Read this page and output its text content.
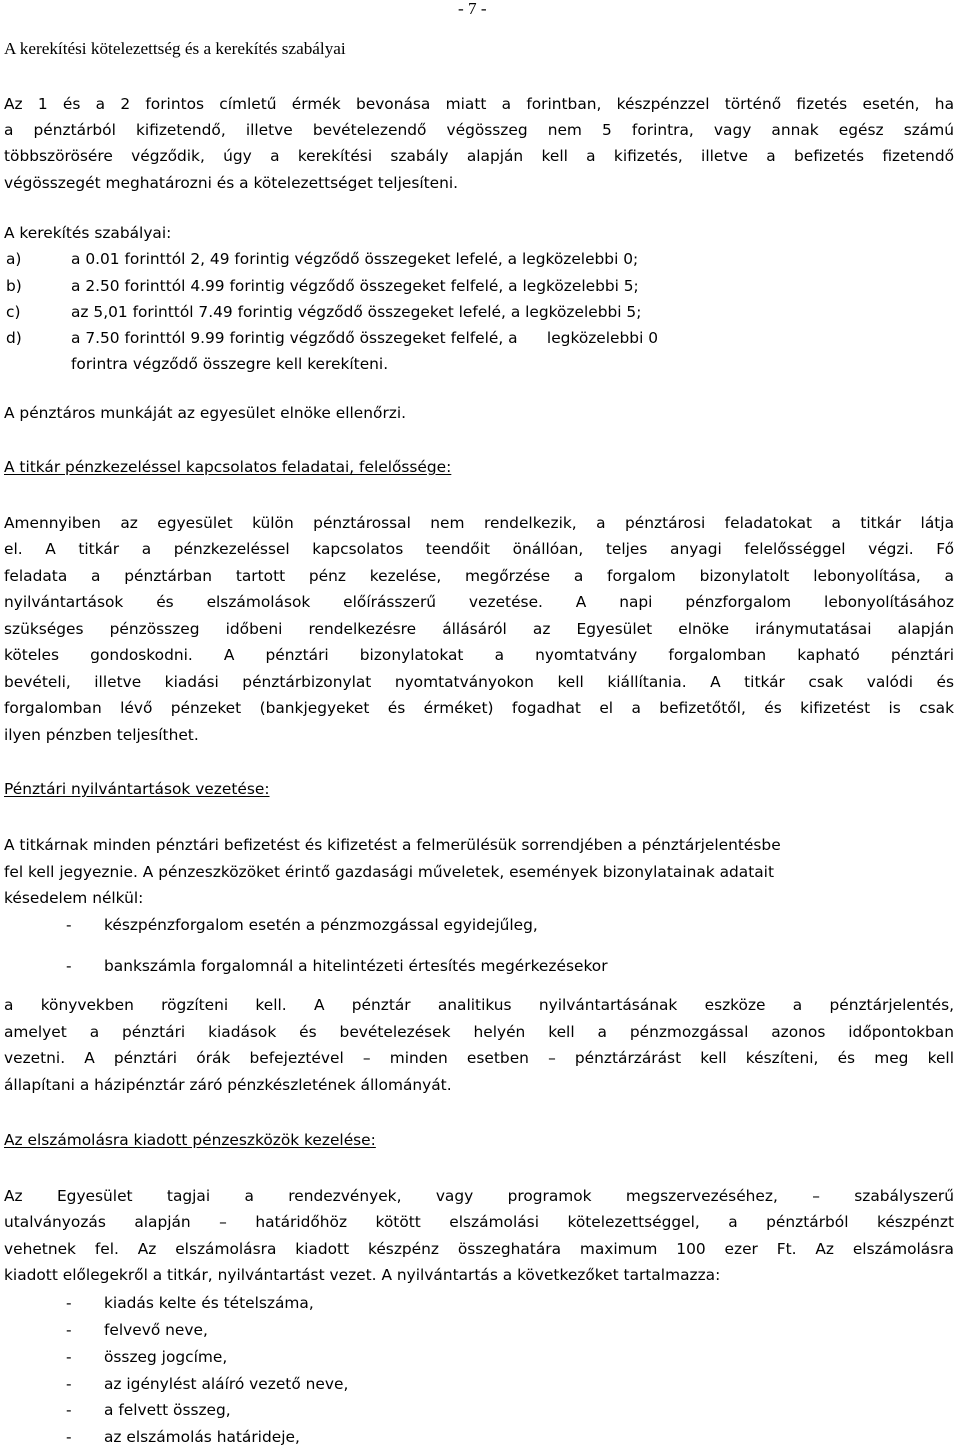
- 7 -
A kerekítési kötelezettség és a kerekítés szabályai
Az 1 és a 2 forintos címletű érmék bevonása miatt a forintban, készpénzzel történő fizetés esetén, ha
a pénztárból kifizetendő, illetve bevételezendő végösszeg nem 5 forintra, vagy annak egész számú
többszörösére végződik, úgy a kerekítési szabály alapján kell a kifizetés, illetve a befizetés fizetendő
végösszegét meghatározni és a kötelezettséget teljesíteni.
A kerekítés szabályai:
a)	a 0.01 forinttól 2, 49 forintig végződő összegeket lefelé, a legközelebbi 0;
b)	a 2.50 forinttól 4.99 forintig végződő összegeket felfelé, a legközelebbi 5;
c)	az 5,01 forinttól 7.49 forintig végződő összegeket lefelé, a legközelebbi 5;
d)	a 7.50 forinttól 9.99 forintig végződő összegeket felfelé, a      legközelebbi 0
forintra végződő összegre kell kerekíteni.
A pénztáros munkáját az egyesület elnöke ellenőrzi.
A titkár pénzkezeléssel kapcsolatos feladatai, felelőssége:
Amennyiben az egyesület külön pénztárossal nem rendelkezik, a pénztárosi feladatokat a titkár látja
el. A titkár a pénzkezeléssel kapcsolatos teendőit önállóan, teljes anyagi felelősséggel végzi. Fő
feladata a pénztárban tartott pénz kezelése, megőrzése a forgalom bizonylatolt lebonyolítása, a
nyilvántartások és elszámolások előírásszerű vezetése. A napi pénzforgalom lebonyolításához
szükséges pénzösszeg időbeni rendelkezésre állásáról az Egyesület elnöke iránymutatásai alapján
köteles gondoskodni. A pénztári bizonylatokat a nyomtatvány forgalomban kapható pénztári
bevételi, illetve kiadási pénztárbizonylat nyomtatványokon kell kiállítania. A titkár csak valódi és
forgalomban lévő pénzeket (bankjegyeket és érméket) fogadhat el a befizetőtől, és kifizetést is csak
ilyen pénzben teljesíthet.
Pénztári nyilvántartások vezetése:
A titkárnak minden pénztári befizetést és kifizetést a felmerülésük sorrendjében a pénztárjelentésbe
fel kell jegyeznie. A pénzeszközöket érintő gazdasági műveletek, események bizonylatainak adatait
késedelem nélkül:
- készpénzforgalom esetén a pénzmozgással egyidejűleg,
- bankszámla forgalomnál a hitelintézeti értesítés megérkezésekor
a könyvekben rögzíteni kell. A pénztár analitikus nyilvántartásának eszköze a pénztárjelentés,
amelyet a pénztári kiadások és bevételezések helyén kell a pénzmozgással azonos időpontokban
vezetni. A pénztári órák befejeztével – minden esetben – pénztárzárást kell készíteni, és meg kell
állapítani a házipénztár záró pénzkészletének állományát.
Az elszámolásra kiadott pénzeszközök kezelése:
Az Egyesület tagjai a rendezvények, vagy programok megszervezéséhez, – szabályszerű
utalványozás alapján – határidőhöz kötött elszámolási kötelezettséggel, a pénztárból készpénzt
vehetnek fel. Az elszámolásra kiadott készpénz összeghatára maximum 100 ezer Ft. Az elszámolásra
kiadott előlegekről a titkár, nyilvántartást vezet. A nyilvántartás a következőket tartalmazza:
- kiadás kelte és tételszáma,
- felvevő neve,
- összeg jogcíme,
- az igénylést aláíró vezető neve,
- a felvett összeg,
- az elszámolás határideje,
